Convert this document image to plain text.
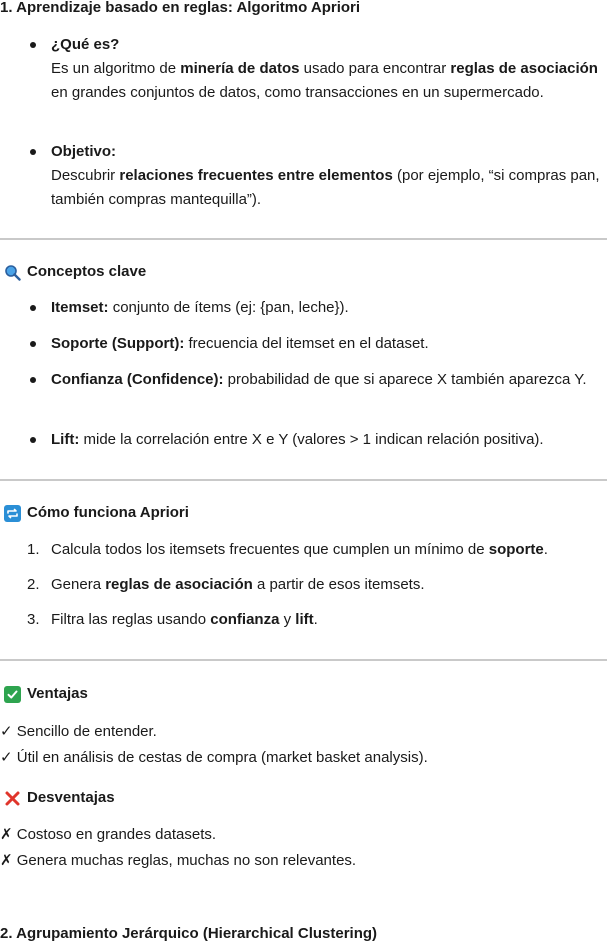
1. Aprendizaje basado en reglas: Algoritmo Apriori
¿Qué es?
Es un algoritmo de minería de datos usado para encontrar reglas de asociación en grandes conjuntos de datos, como transacciones en un supermercado.
Objetivo:
Descubrir relaciones frecuentes entre elementos (por ejemplo, “si compras pan, también compras mantequilla”).
Conceptos clave
Itemset: conjunto de ítems (ej: {pan, leche}).
Soporte (Support): frecuencia del itemset en el dataset.
Confianza (Confidence): probabilidad de que si aparece X también aparezca Y.
Lift: mide la correlación entre X e Y (valores > 1 indican relación positiva).
Cómo funciona Apriori
1. Calcula todos los itemsets frecuentes que cumplen un mínimo de soporte.
2. Genera reglas de asociación a partir de esos itemsets.
3. Filtra las reglas usando confianza y lift.
Ventajas
✓ Sencillo de entender.
✓ Útil en análisis de cestas de compra (market basket analysis).
Desventajas
✗ Costoso en grandes datasets.
✗ Genera muchas reglas, muchas no son relevantes.
2. Agrupamiento Jerárquico (Hierarchical Clustering)
